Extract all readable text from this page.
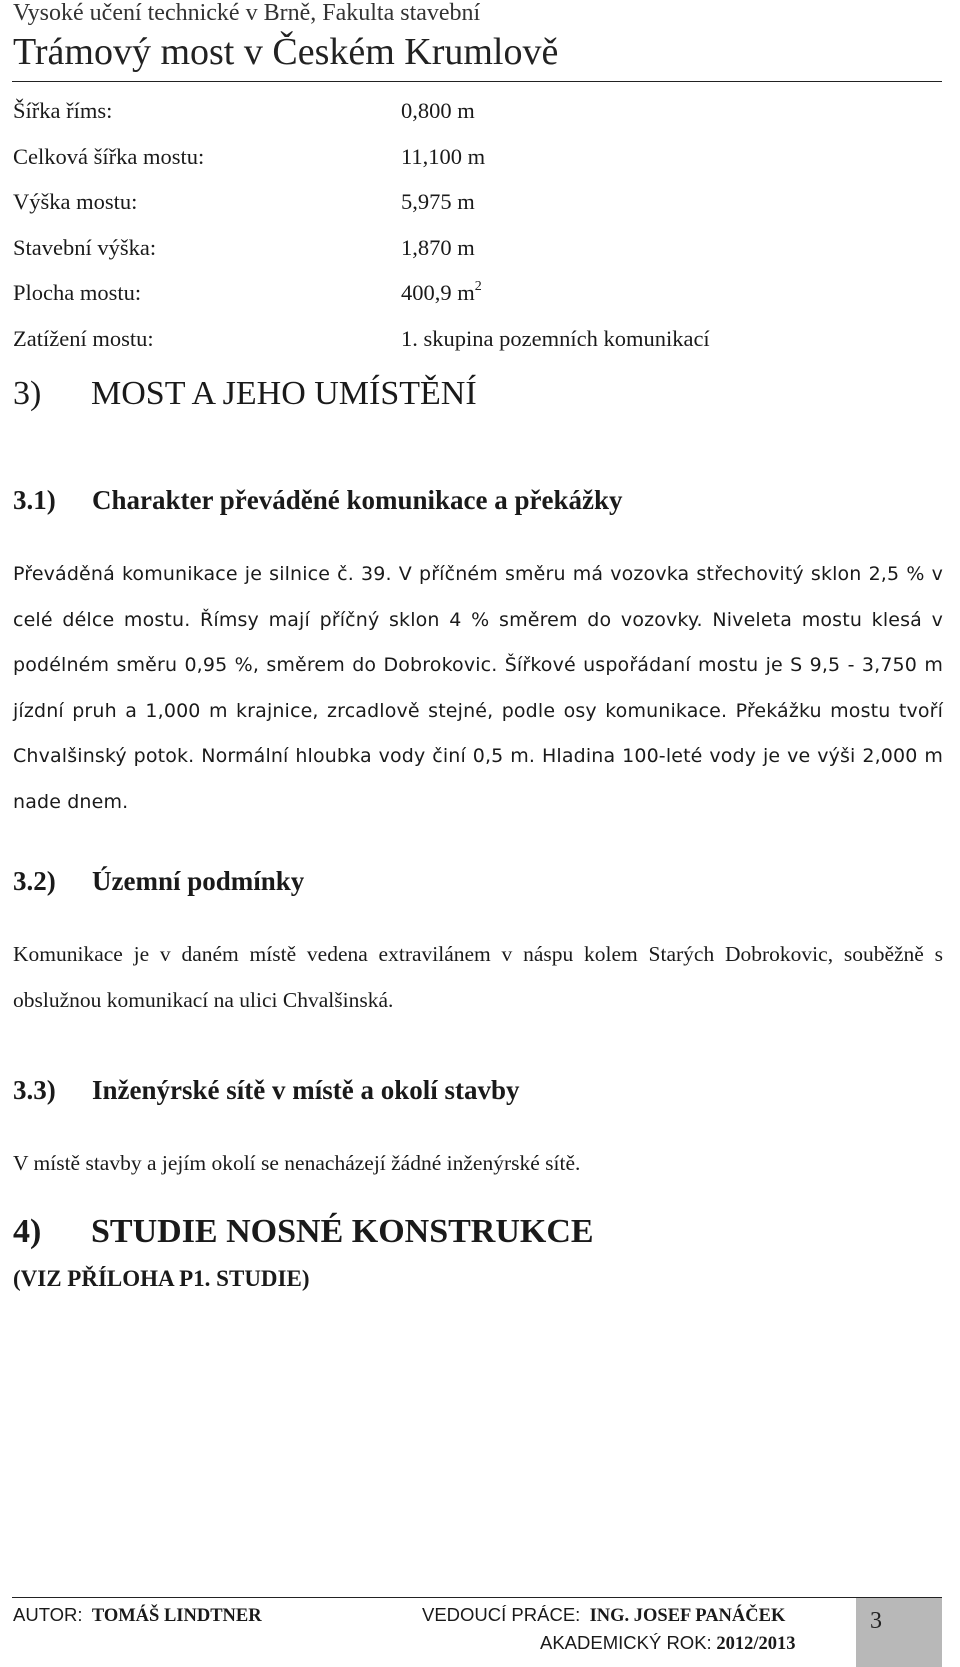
Vysoké učení technické v Brně, Fakulta stavební
Trámový most v Českém Krumlově
Šířka říms:	0,800 m
Celková šířka mostu:	11,100 m
Výška mostu:	5,975 m
Stavební výška:	1,870 m
Plocha mostu:	400,9 $m^2$
Zatížení mostu:	1. skupina pozemních komunikací
3) MOST A JEHO UMÍSTĚNÍ
3.1) Charakter převáděné komunikace a překážky

Převáděná komunikace je silnice č. 39. V příčném směru má vozovka střechovitý sklon 2,5 % v celé délce mostu. Římsy mají příčný sklon 4 % směrem do vozovky. Niveleta mostu klesá v podélném směru 0,95 %, směrem do Dobrokovic. Šířkové uspořádaní mostu je S 9,5 - 3,750 m jízdní pruh a 1,000 m krajnice, zrcadlově stejné, podle osy komunikace. Překážku mostu tvoří Chvalšinský potok. Normální hloubka vody činí 0,5 m. Hladina 100-leté vody je ve výši 2,000 m nade dnem.

3.2) Územní podmínky

Komunikace je v daném místě vedena extravilánem v náspu kolem Starých Dobrokovic, souběžně s obslužnou komunikací na ulici Chvalšinská.

3.3) Inženýrské sítě v místě a okolí stavby

V místě stavby a jejím okolí se nenacházejí žádné inženýrské sítě.

4) STUDIE NOSNÉ KONSTRUKCE

(VIZ PŘÍLOHA P1. STUDIE)

AUTOR: TOMÁŠ LINDTNER	VEDOUCÍ PRÁCE: ING. JOSEF PANÁČEK
AKADEMICKÝ ROK: 2012/2013
3
